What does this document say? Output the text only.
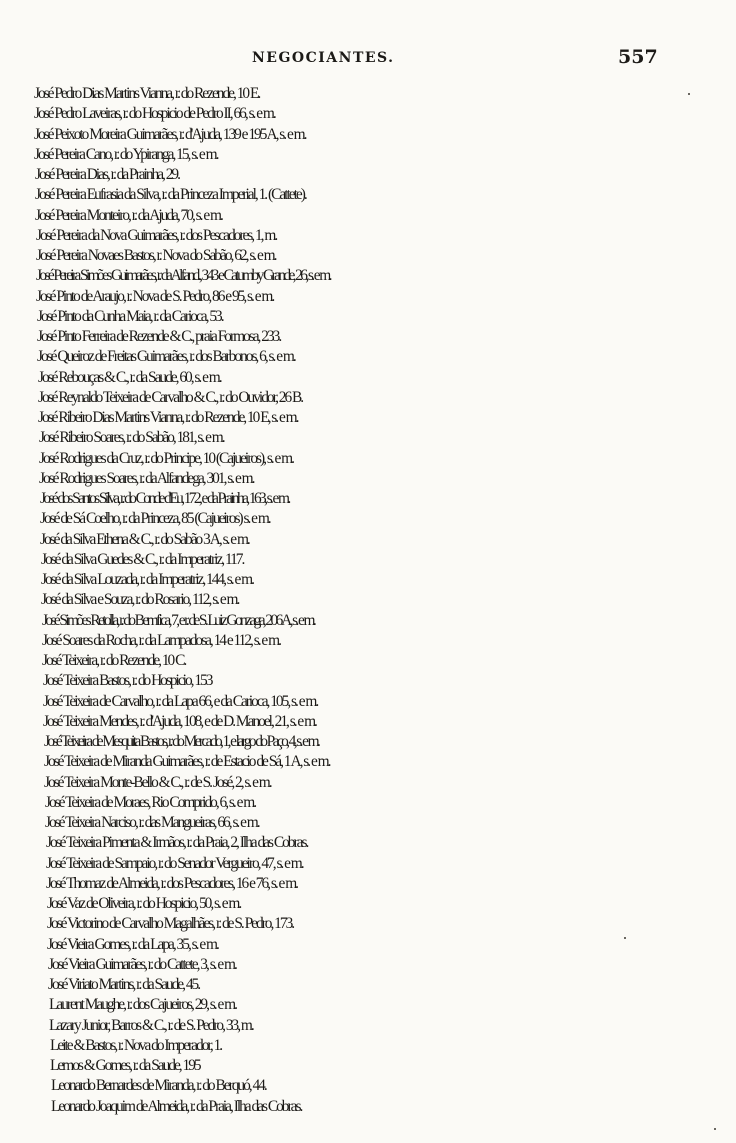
NEGOCIANTES.	557
José Pedro Dias Martins Vianna, r. do Rezende, 10 E.
José Pedro Laveiras, r. do Hospicio de Pedro II, 66, s. e m.
José Peixoto Moreira Guimarães, r. d'Ajuda, 139 e 195 A, s. e m.
José Pereira Cano, r. do Ypiranga, 15, s. e m.
José Pereira Dias, r. da Prainha, 29.
José Pereira Eufrasia da Silva, r. da Princeza Imperial, 1. (Cattete).
José Pereira Monteiro, r. da Ajuda, 70, s. e m.
José Pereira da Nova Guimarães, r. dos Pescadores, 1, m.
José Pereira Novaes Bastos, r. Nova do Sabão, 62, s. e m.
José Pereira Simões Guimarães, r. da Alfand., 343 e Catumby Grande, 26, s. e m.
José Pinto de Araujo, r. Nova de S. Pedro, 86 e 95, s. e m.
José Pinto da Cunha Maia, r. da Carioca, 53.
José Pinto Ferreira de Rezende & C., praia Formosa, 233.
José Queiroz de Freitas Guimarães, r. dos Barbonos, 6, s. e m.
José Rebouças & C., r. da Saude, 60, s. e m.
José Reynaldo Teixeira de Carvalho & C., r. do Ouvidor, 26 B.
José Ribeiro Dias Martins Vianna, r. do Rezende, 10 E, s. e m.
José Ribeiro Soares, r. do Sabão, 181, s. e m.
José Rodrigues da Cruz, r. do Principe, 10 (Cajueiros), s. e m.
José Rodrigues Soares, r. da Alfandega, 301, s. e m.
José dos Santos Silva, r. do Conde d'Eu, 172, e da Prainha, 163, s. e m.
José de Sá Coelho, r. da Princeza, 85 (Cajueiros) s. e m.
José da Silva Ethena & C., r. do Sabão 3 A, s. e m.
José da Silva Guedes & C., r. da Imperatriz, 117.
José da Silva Louzada, r. da Imperatriz, 144, s. e m.
José da Silva e Souza, r. do Rosario, 112, s. e m.
José Simões Retolla, r. do Bemfica, 7, e r. de S. Luiz Gonzaga, 206 A, s. e m.
José Soares da Rocha, r. da Lampadosa, 14 e 112, s. e m.
José Teixeira, r. do Rezende, 10 C.
José Teixeira Bastos, r. do Hospicio, 153
José Teixeira de Carvalho, r. da Lapa 66, e da Carioca, 105, s. e m.
José Teixeira Mendes, r. d'Ajuda, 108, e de D. Manoel, 21, s. e m.
José Teixeira de Mesquita Bastos, r. do Mercado, 1, e largo do Paço, 4, s. e m.
José Teixeira de Miranda Guimarães, r. de Estacio de Sá, 1 A, s. e m.
José Teixeira Monte-Bello & C., r. de S. José, 2, s. e m.
José Teixeira de Moraes, Rio Comprido, 6, s. e m.
José Teixeira Narciso, r. das Mangueiras, 66, s. e m.
José Teixeira Pimenta & Irmãos, r. da Praia, 2, Ilha das Cobras.
José Teixeira de Sampaio, r. do Senador Vergueiro, 47, s. e m.
José Thomaz de Almeida, r. dos Pescadores, 16 e 76, s. e m.
José Vaz de Oliveira, r. do Hospicio, 50, s. e m.
José Victorino de Carvalho Magalhães, r. de S. Pedro, 173.
José Vieira Gomes, r. da Lapa, 35, s. e m.
José Vieira Guimarães, r. do Cattete, 3, s. e m.
José Viriato Martins, r. da Saude, 45.
Laurent Maughe, r. dos Cajueiros, 29, s. e m.
Lazary Junior, Barros & C., r. de S. Pedro, 33, m.
Leite & Bastos, r. Nova do Imperador, 1.
Lemos & Gomes, r. da Saude, 195
Leonardo Bernardes de Miranda, r. do Berquó, 44.
Leonardo Joaquim de Almeida, r. da Praia, Ilha das Cobras.
